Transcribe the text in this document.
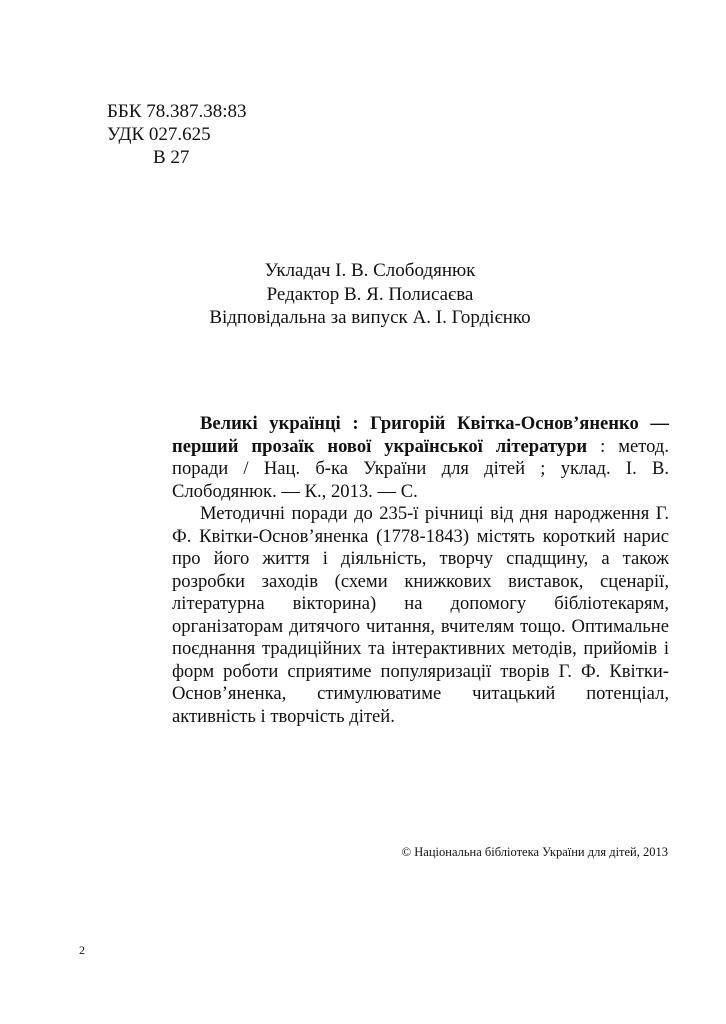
ББК 78.387.38:83
УДК 027.625
В 27
Укладач І. В. Слободянюк
Редактор В. Я. Полисаєва
Відповідальна за випуск А. І. Гордієнко

Великі українці : Григорій Квітка-Основ’яненко — перший прозаїк нової української літератури : метод. поради / Нац. б-ка України для дітей ; уклад. І. В. Слободянюк. — К., 2013. — С.

Методичні поради до 235-ї річниці від дня народження Г. Ф. Квітки-Основ’яненка (1778-1843) містять короткий нарис про його життя і діяльність, творчу спадщину, а також розробки заходів (схеми книжкових виставок, сценарії, літературна вікторина) на допомогу бібліотекарям, організаторам дитячого читання, вчителям тощо. Оптимальне поєднання традиційних та інтерактивних методів, прийомів і форм роботи сприятиме популяризації творів Г. Ф. Квітки-Основ’яненка, стимулюватиме читацький потенціал, активність і творчість дітей.

© Національна бібліотека України для дітей, 2013
2
